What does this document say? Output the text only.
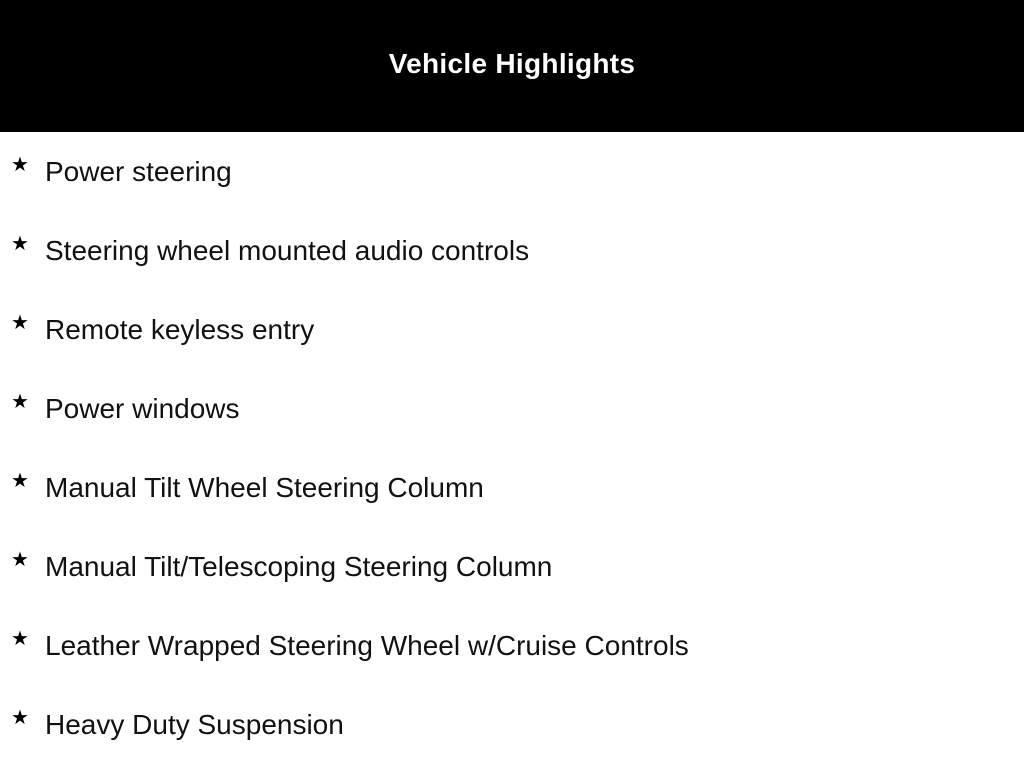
Vehicle Highlights
★ Power steering
★ Steering wheel mounted audio controls
★ Remote keyless entry
★ Power windows
★ Manual Tilt Wheel Steering Column
★ Manual Tilt/Telescoping Steering Column
★ Leather Wrapped Steering Wheel w/Cruise Controls
★ Heavy Duty Suspension
